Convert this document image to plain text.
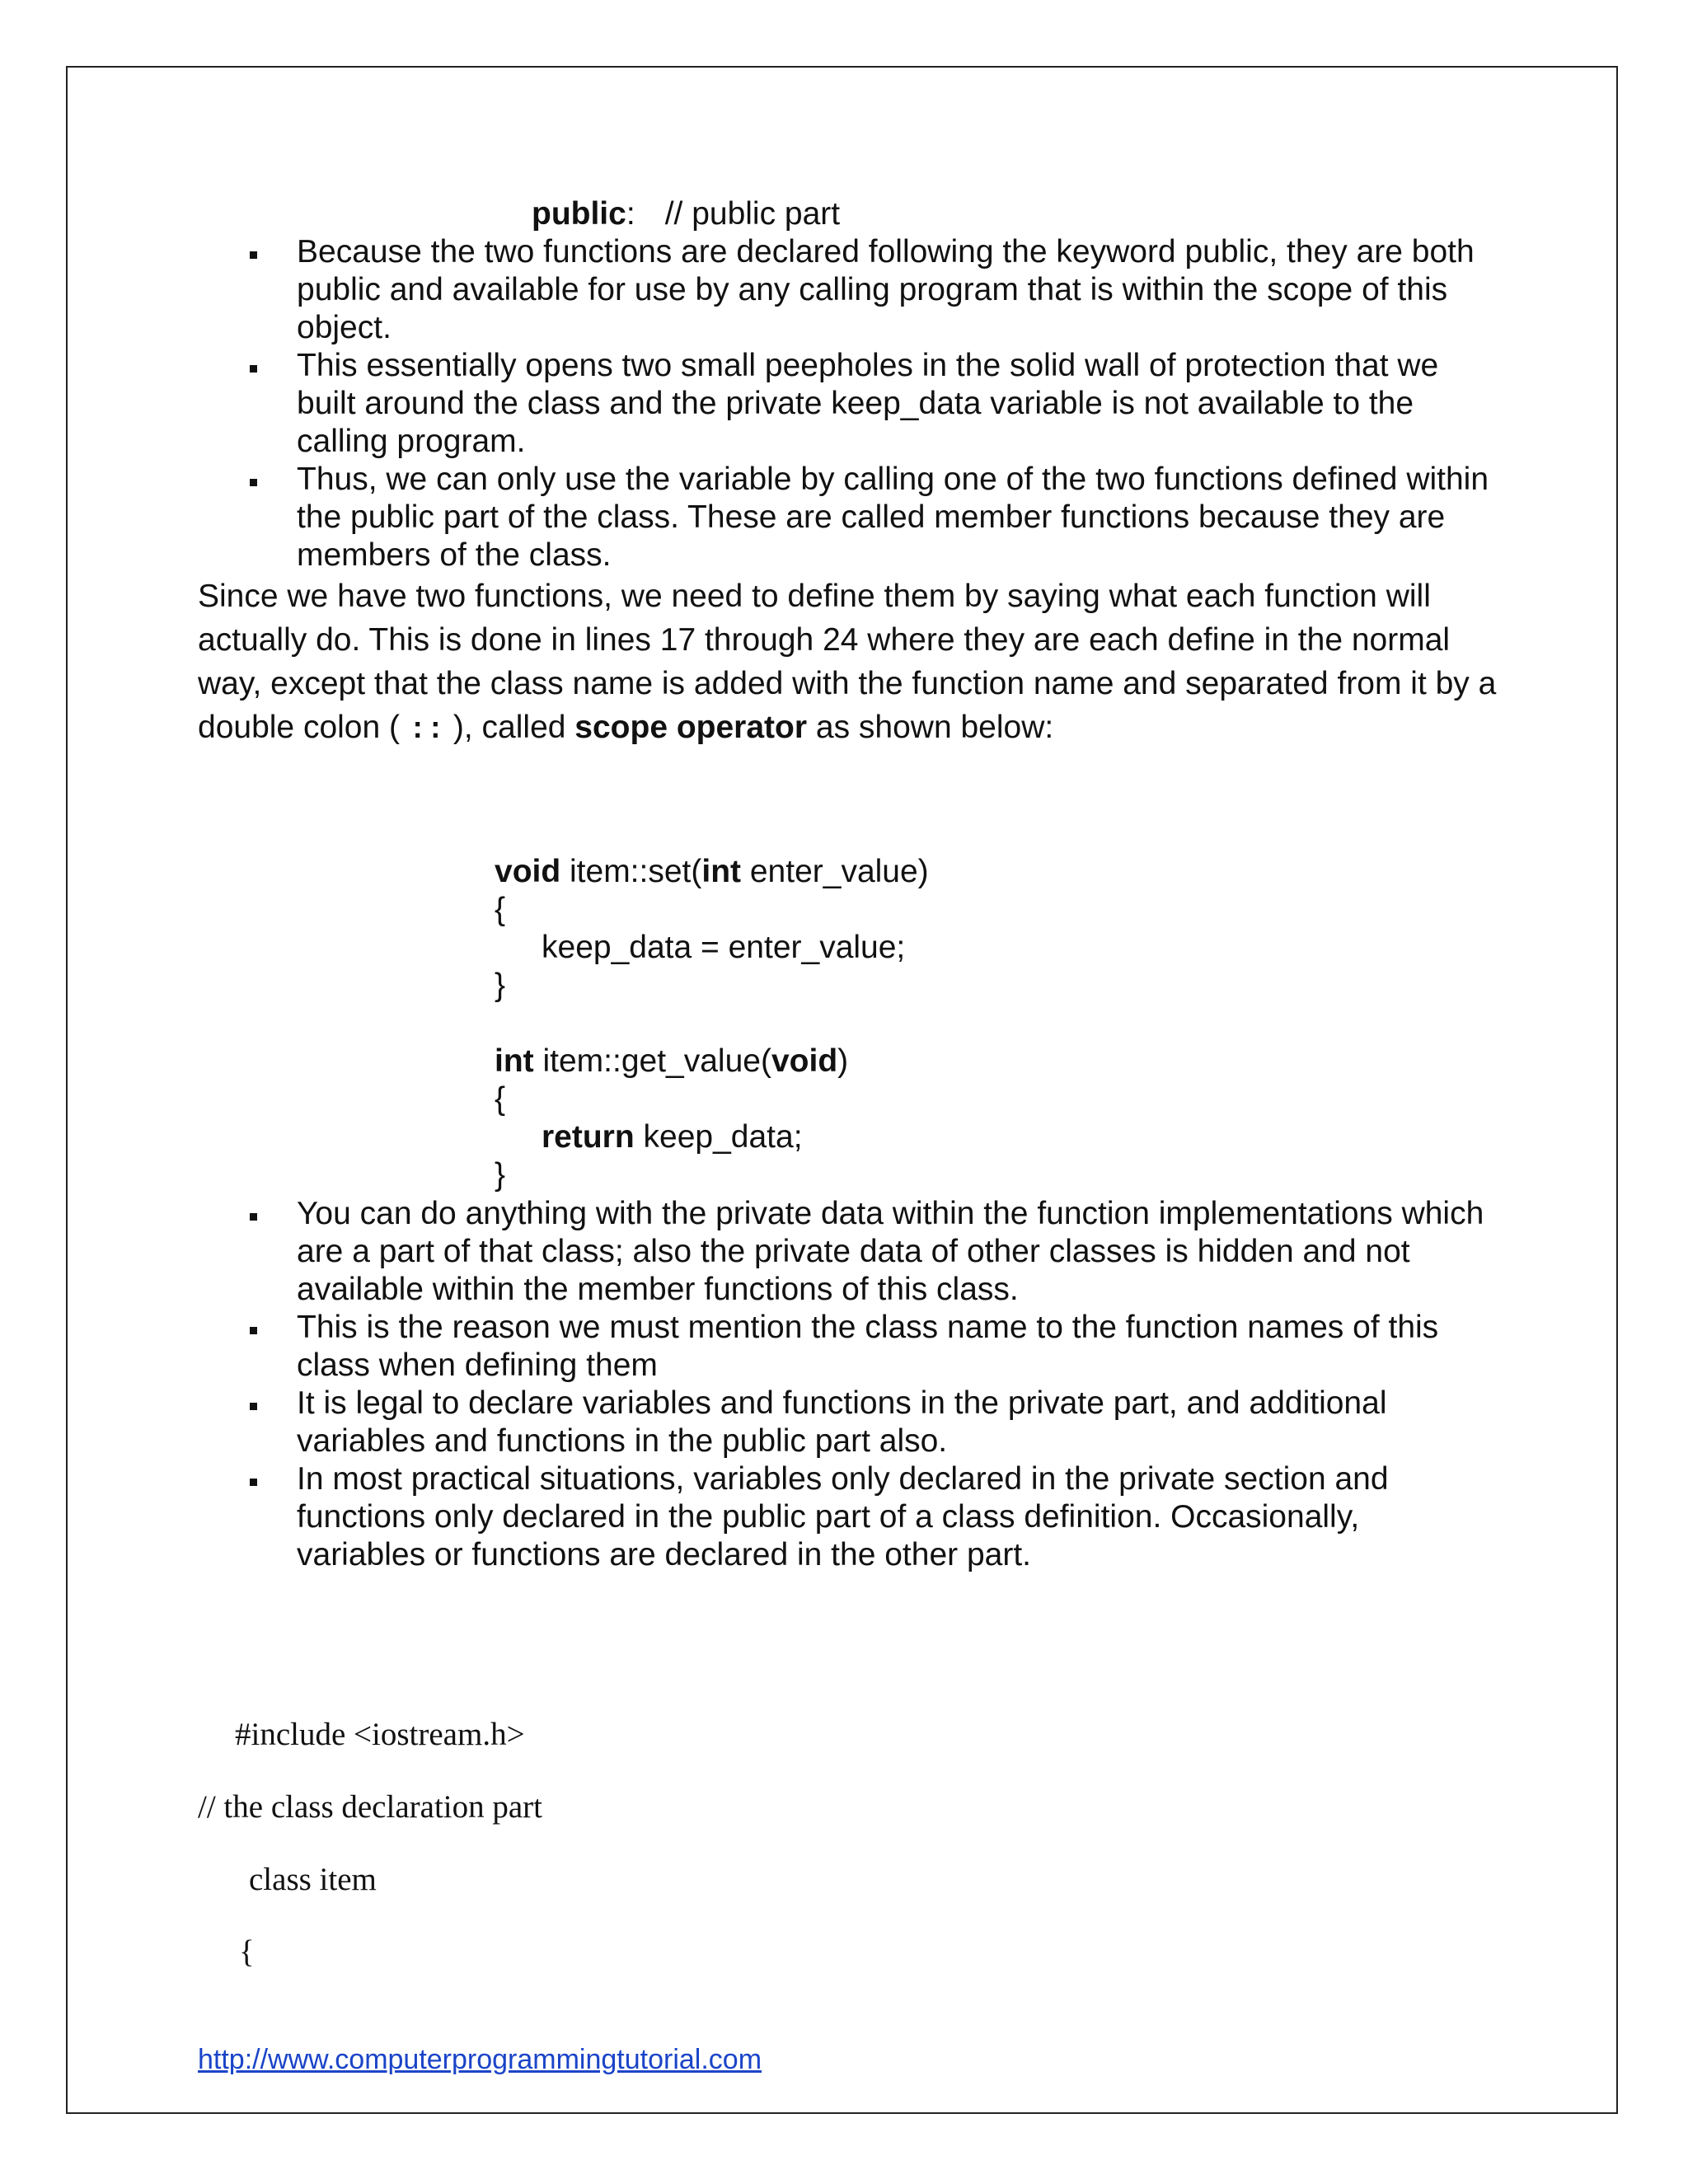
public: // public part
Because the two functions are declared following the keyword public, they are both public and available for use by any calling program that is within the scope of this object.
This essentially opens two small peepholes in the solid wall of protection that we built around the class and the private keep_data variable is not available to the calling program.
Thus, we can only use the variable by calling one of the two functions defined within the public part of the class. These are called member functions because they are members of the class.
Since we have two functions, we need to define them by saying what each function will actually do. This is done in lines 17 through 24 where they are each define in the normal way, except that the class name is added with the function name and separated from it by a double colon ( :: ), called scope operator as shown below:
void item::set(int enter_value)
{
keep_data = enter_value;
}
int item::get_value(void)
{
return keep_data;
}
You can do anything with the private data within the function implementations which are a part of that class; also the private data of other classes is hidden and not available within the member functions of this class.
This is the reason we must mention the class name to the function names of this class when defining them
It is legal to declare variables and functions in the private part, and additional variables and functions in the public part also.
In most practical situations, variables only declared in the private section and functions only declared in the public part of a class definition. Occasionally, variables or functions are declared in the other part.
#include <iostream.h>
// the class declaration part
class item
{
http://www.computerprogrammingtutorial.com
